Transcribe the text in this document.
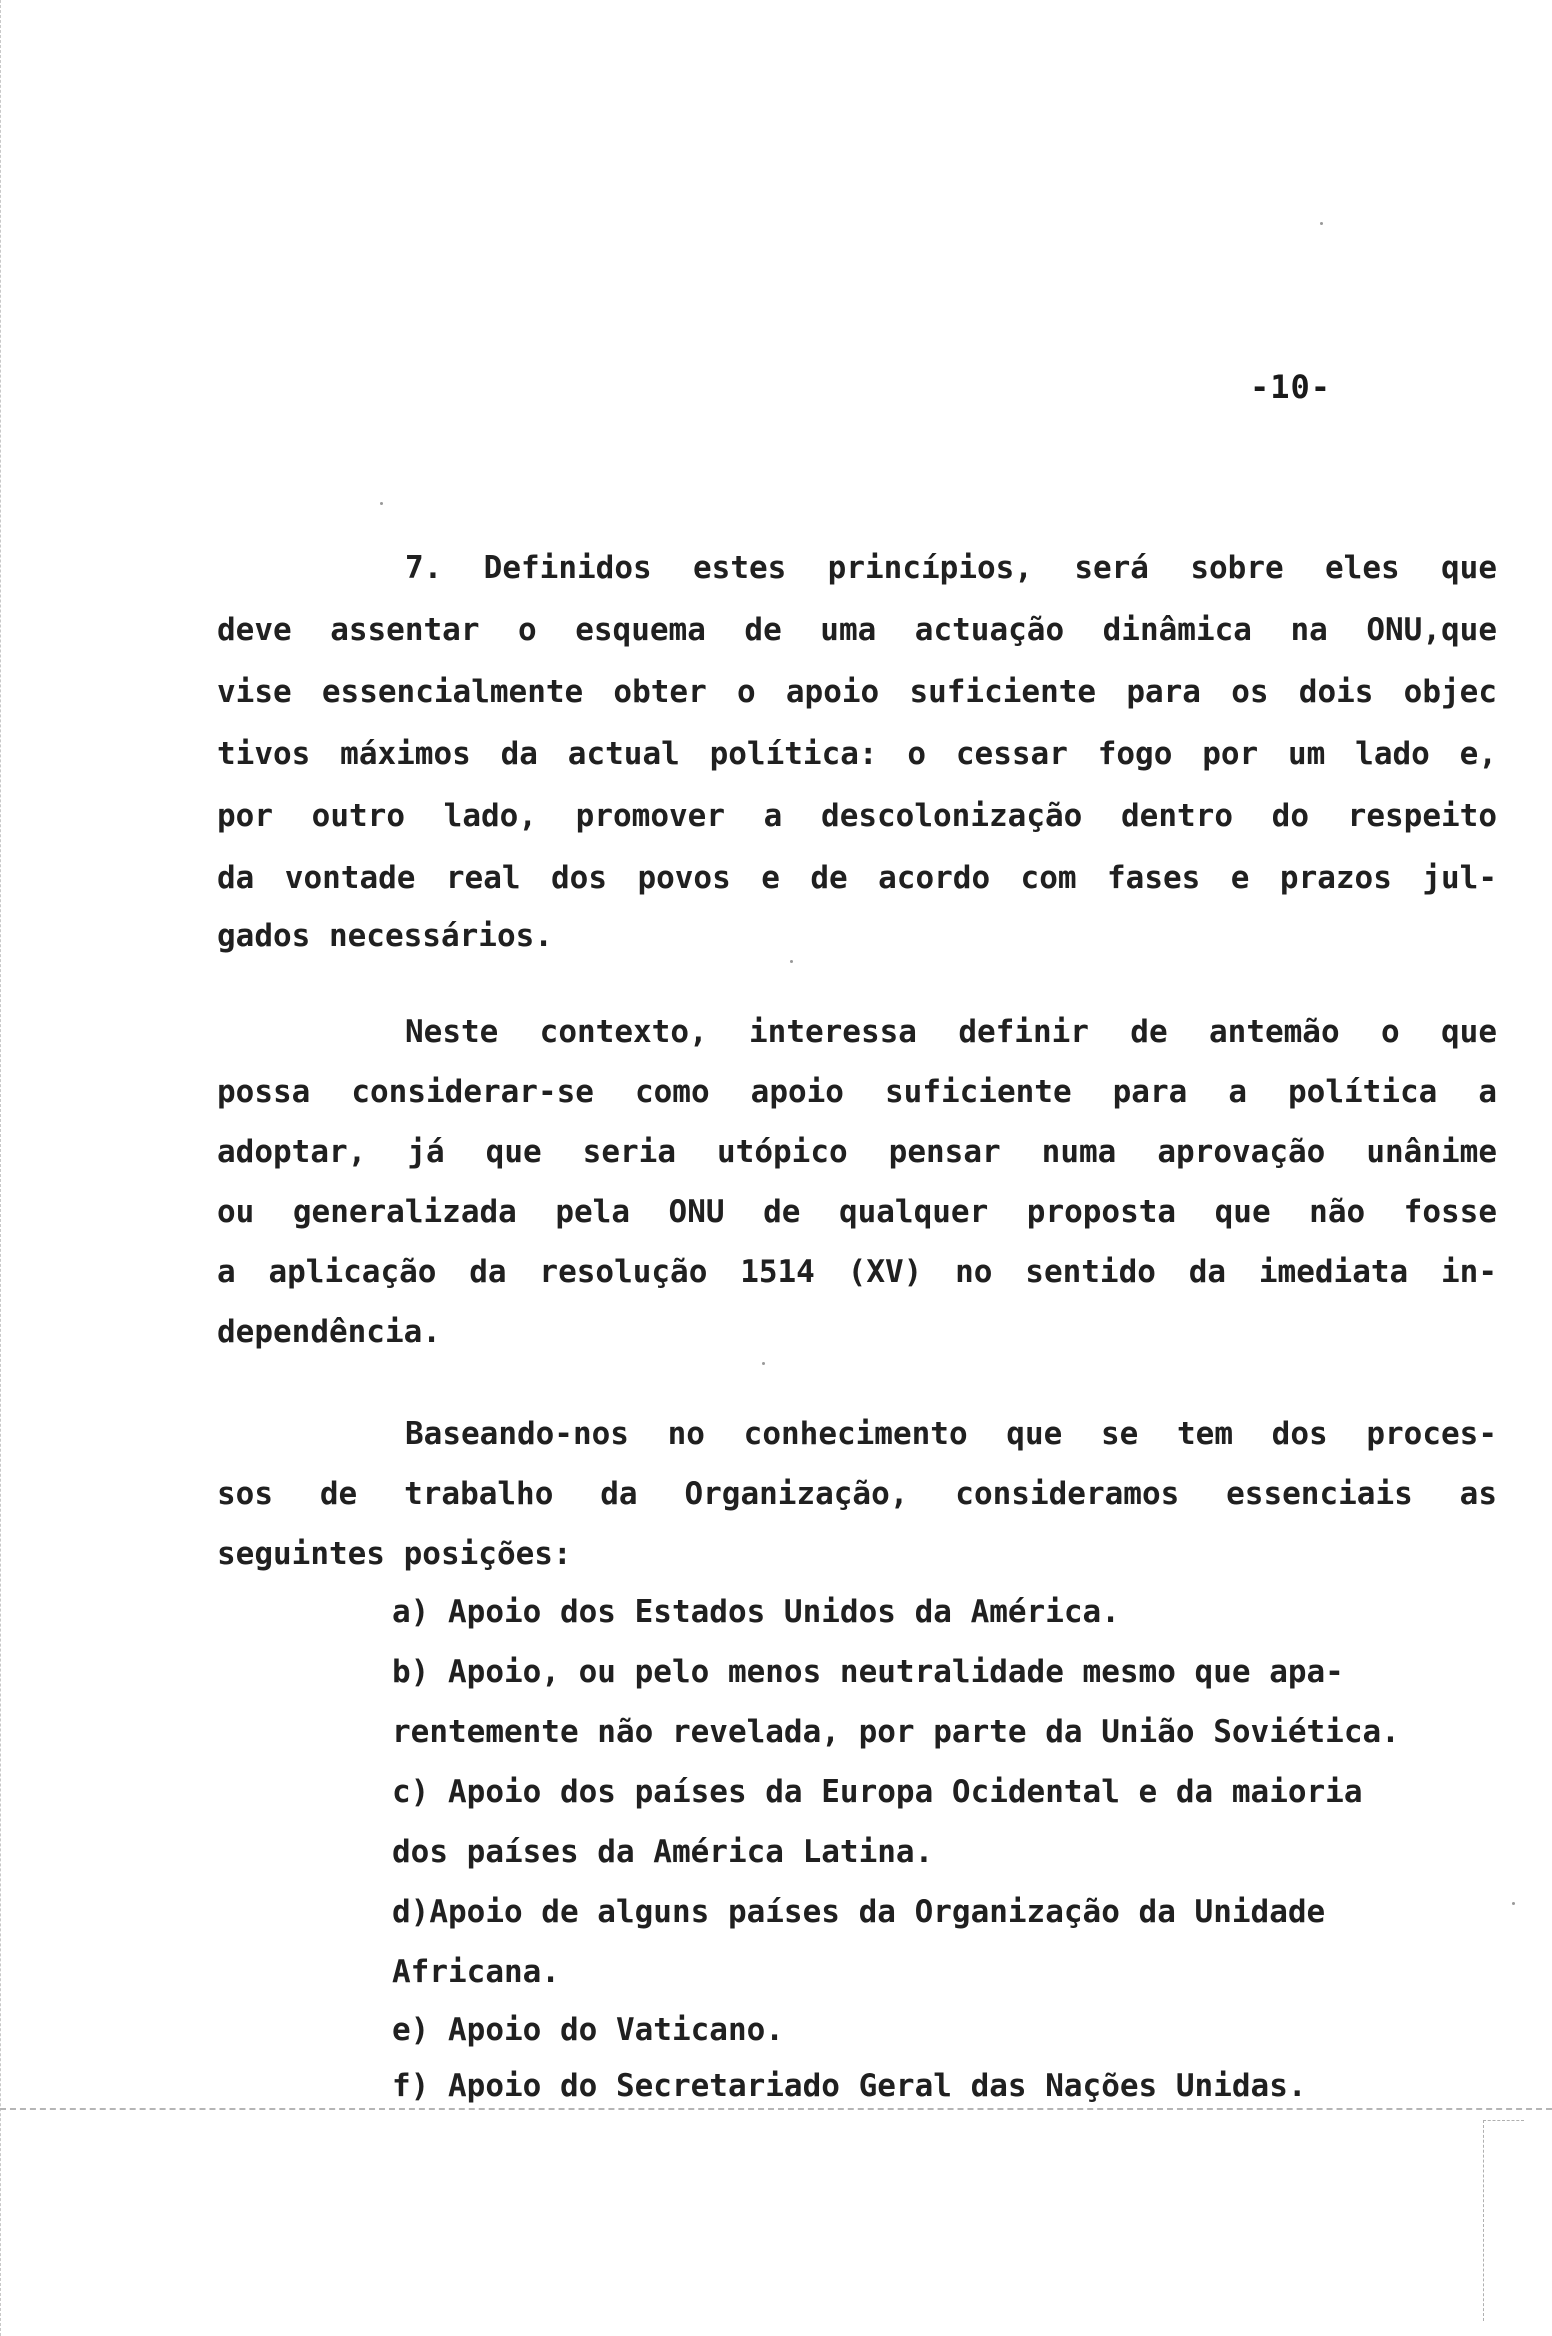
-10-
7. Definidos estes princípios, será sobre eles que
deve assentar o esquema de uma actuação dinâmica na ONU,que
vise essencialmente obter o apoio suficiente para os dois objec
tivos máximos da actual política: o cessar fogo por um lado e,
por outro lado, promover a descolonização dentro do respeito
da vontade real dos povos e de acordo com fases e prazos jul-
gados necessários.
Neste contexto, interessa definir de antemão o que
possa considerar-se como apoio suficiente para a política a
adoptar, já que seria utópico pensar numa aprovação unânime
ou generalizada pela ONU de qualquer proposta que não fosse
a aplicação da resolução 1514 (XV) no sentido da imediata in-
dependência.
Baseando-nos no conhecimento que se tem dos proces-
sos de trabalho da Organização, consideramos essenciais as
seguintes posições:
a) Apoio dos Estados Unidos da América.
b) Apoio, ou pelo menos neutralidade mesmo que apa-
rentemente não revelada, por parte da União Soviética.
c) Apoio dos países da Europa Ocidental e da maioria
dos países da América Latina.
d)Apoio de alguns países da Organização da Unidade
Africana.
e) Apoio do Vaticano.
f) Apoio do Secretariado Geral das Nações Unidas.
